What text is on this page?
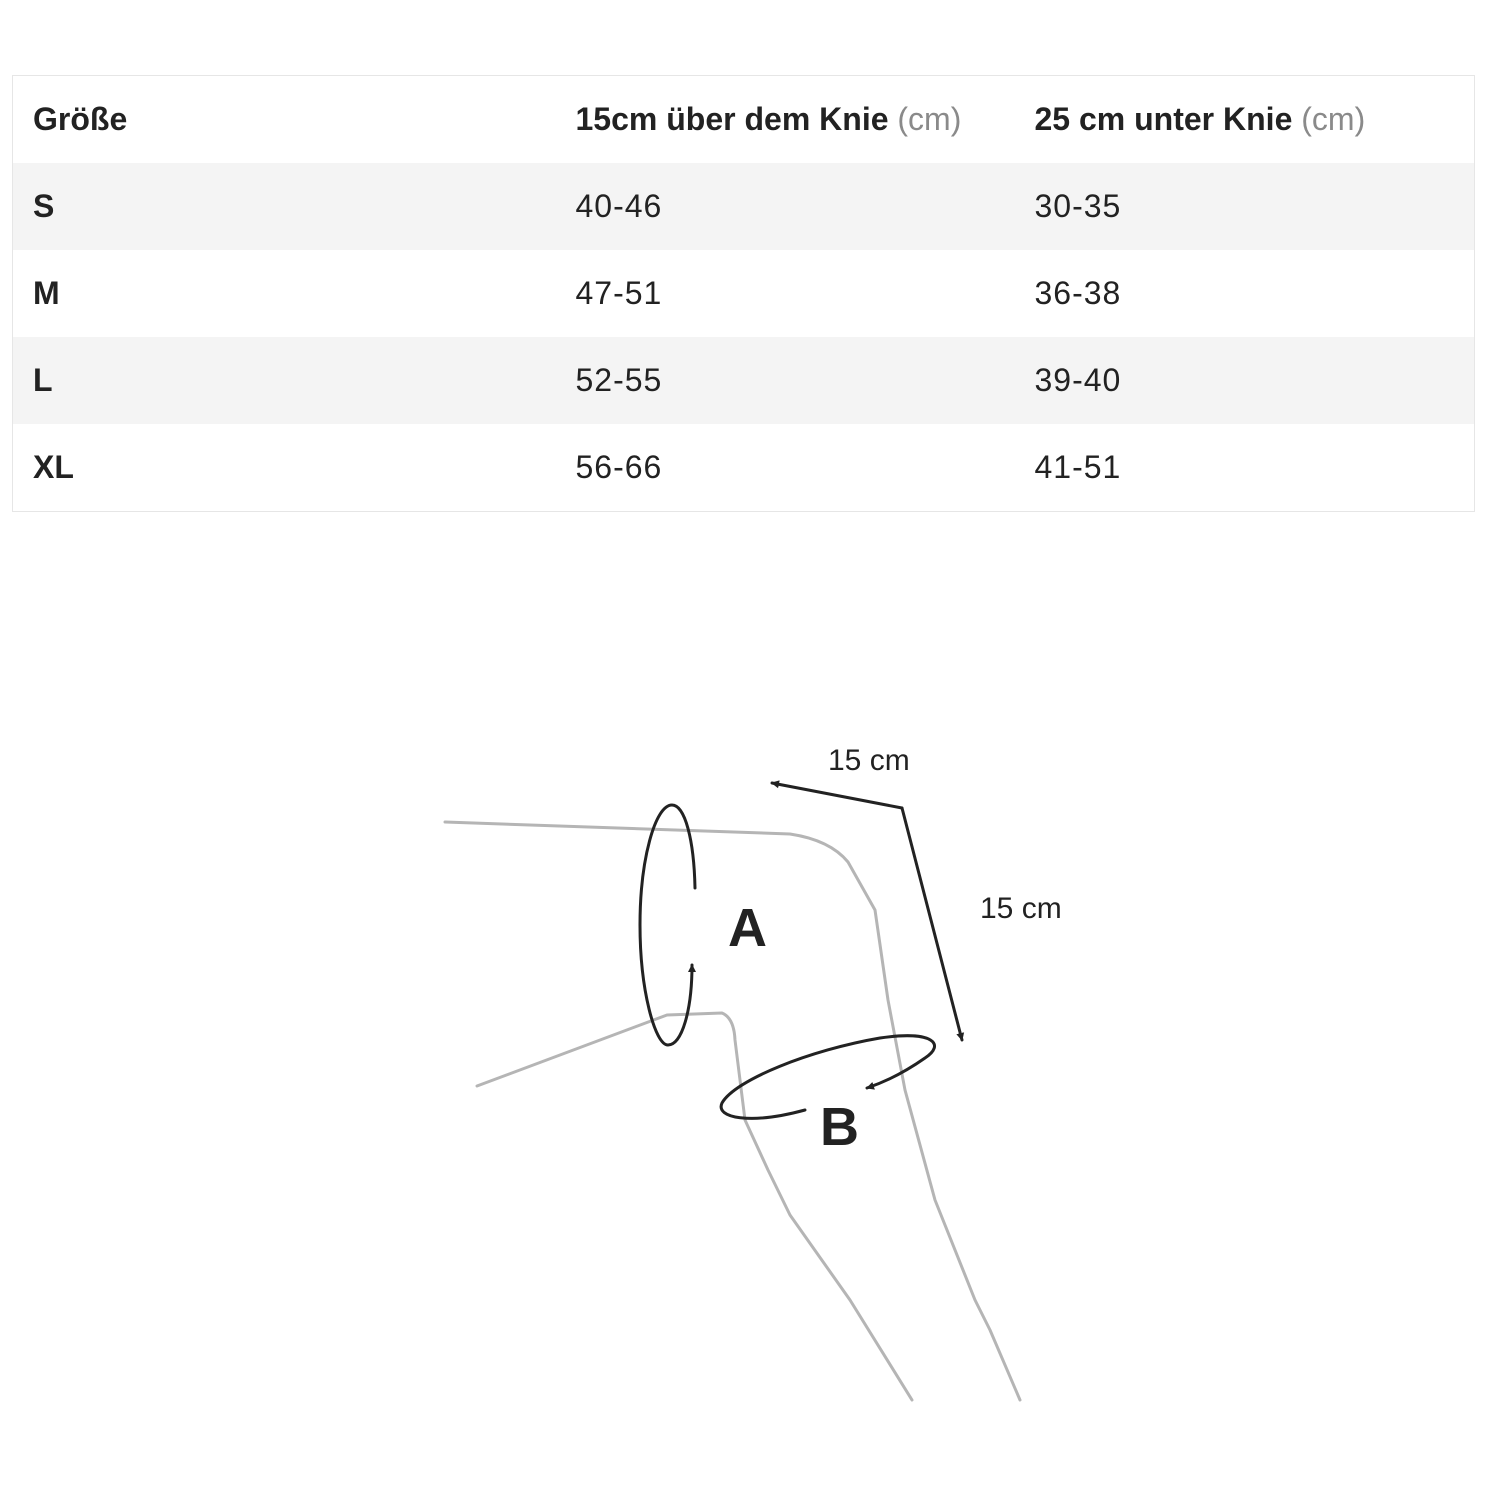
Größe	15cm über dem Knie (cm)	25 cm unter Knie (cm)
S	40-46	30-35
M	47-51	36-38
L	52-55	39-40
XL	56-66	41-51
15 cm
15 cm
A
B
